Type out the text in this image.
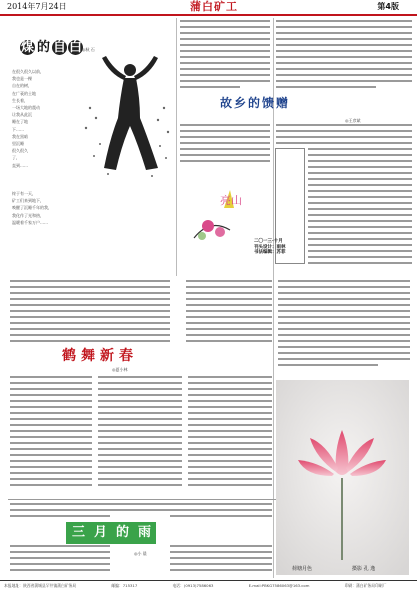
2014年7月24日	蒲白矿工	第4版
煤 的 自 白 ◎秋 石
在很久很久以前，
我也是一棵
自在的树，
在广袤的土地
生长着，
一场大地的震动
让我从此沉
睡在了地
下……
我在黑暗
里沉睡
很久很久
了，
直到……
终于有一天，
矿工们来到地下，
唤醒了沉睡千年的我，
我化作了光和热，
温暖着千家万户……
故乡的馈赠
◎王彦斌
亮山
二〇一三·十月
刊头设计：雨林
书法编辑：苏菲
鹤舞新春
◎夏小林
三月的雨
◎小 晨
荷塘月色	摄影 孔 逸
本报地址：陕西省蒲城县罕井镇蒲白矿务局	邮编：715317	电话：(0913)7586063	E-mail:PBKG7586063@163.com	印刷：蒲白矿务局印刷厂
